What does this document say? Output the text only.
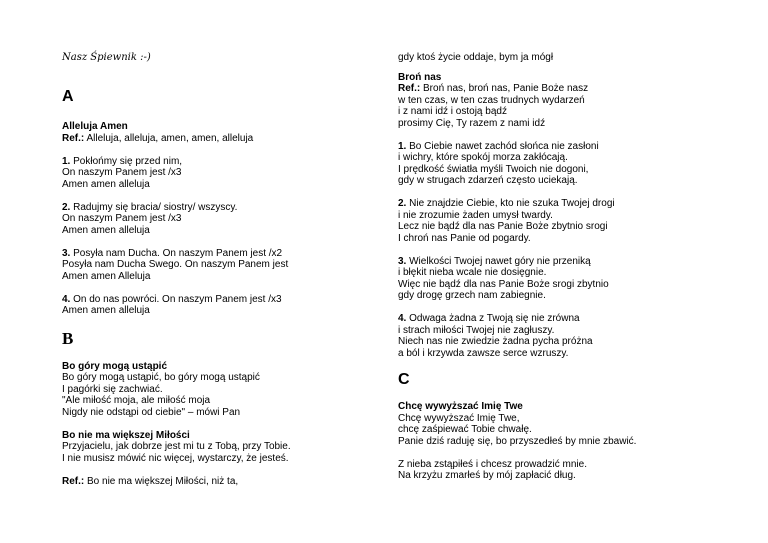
Nasz Śpiewnik :-)
A
Alleluja Amen
Ref.: Alleluja, alleluja, amen, amen, alleluja
1. Pokłońmy się przed nim,
On naszym Panem jest /x3
Amen amen alleluja
2. Radujmy się bracia/ siostry/ wszyscy.
On naszym Panem jest /x3
Amen amen alleluja
3. Posyła nam Ducha. On naszym Panem jest /x2
Posyła nam Ducha Swego. On naszym Panem jest
Amen amen Alleluja
4. On do nas powróci. On naszym Panem jest /x3
Amen amen alleluja
B
Bo góry mogą ustąpić
Bo góry mogą ustąpić, bo góry mogą ustąpić
I pagórki się zachwiać.
"Ale miłość moja, ale miłość moja
Nigdy nie odstąpi od ciebie" – mówi Pan
Bo nie ma większej Miłości
Przyjacielu, jak dobrze jest mi tu z Tobą, przy Tobie.
I nie musisz mówić nic więcej, wystarczy, że jesteś.
Ref.: Bo nie ma większej Miłości, niż ta,
gdy ktoś życie oddaje, bym ja mógł
Broń nas
Ref.: Broń nas, broń nas, Panie Boże nasz
w ten czas, w ten czas trudnych wydarzeń
i z nami idź i ostoją bądź
prosimy Cię, Ty razem z nami idź
1. Bo Ciebie nawet zachód słońca nie zasłoni
i wichry, które spokój morza zakłócają.
I prędkość światła myśli Twoich nie dogoni,
gdy w strugach zdarzeń często uciekają.
2. Nie znajdzie Ciebie, kto nie szuka Twojej drogi
i nie zrozumie żaden umysł twardy.
Lecz nie bądź dla nas Panie Boże zbytnio srogi
I chroń nas Panie od pogardy.
3. Wielkości Twojej nawet góry nie przeniką
i błękit nieba wcale nie dosięgnie.
Więc nie bądź dla nas Panie Boże srogi zbytnio
gdy drogę grzech nam zabiegnie.
4. Odwaga żadna z Twoją się nie zrówna
i strach miłości Twojej nie zagłuszy.
Niech nas nie zwiedzie żadna pycha próżna
a ból i krzywda zawsze serce wzruszy.
C
Chcę wywyższać Imię Twe
Chcę wywyższać Imię Twe,
chcę zaśpiewać Tobie chwałę.
Panie dziś raduję się, bo przyszedłeś by mnie zbawić.
Z nieba zstąpiłeś i chcesz prowadzić mnie.
Na krzyżu zmarłeś by mój zapłacić dług.
